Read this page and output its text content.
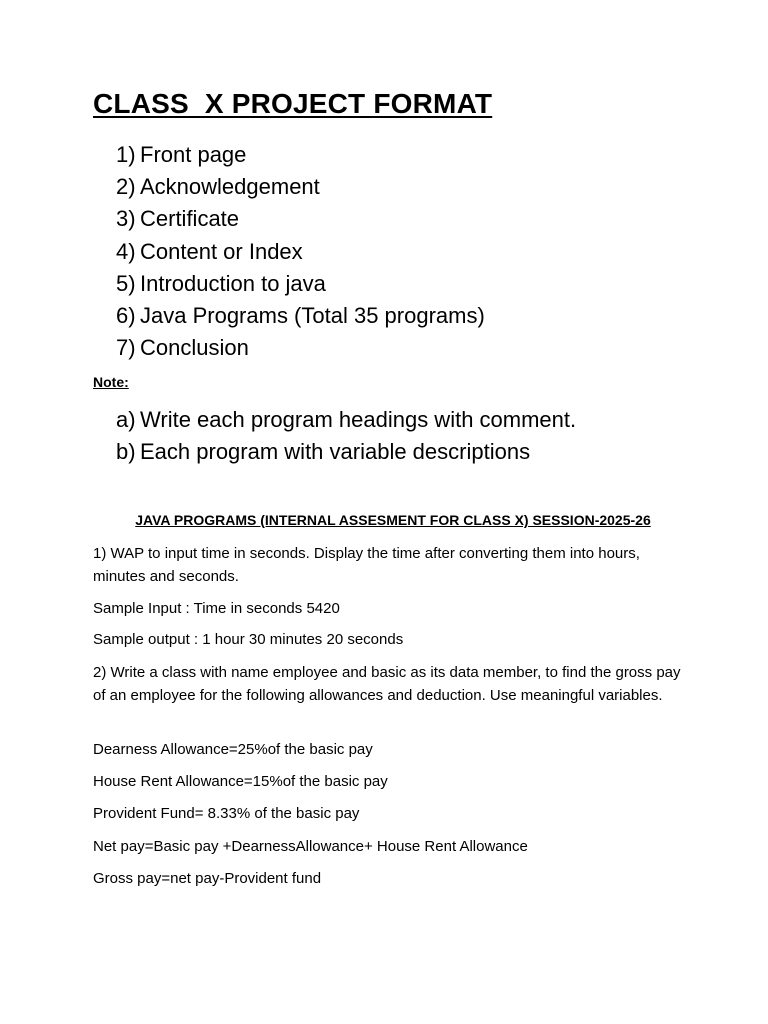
CLASS  X PROJECT FORMAT
1) Front page
2) Acknowledgement
3) Certificate
4) Content or Index
5) Introduction to java
6) Java Programs (Total 35 programs)
7) Conclusion
Note:
a) Write each program headings with comment.
b) Each program with variable descriptions
JAVA PROGRAMS (INTERNAL ASSESMENT FOR CLASS X) SESSION-2025-26

1) WAP to input time in seconds. Display the time after converting them into hours, minutes and seconds.

Sample Input : Time in seconds 5420

Sample output : 1 hour 30 minutes 20 seconds

2) Write a class with name employee and basic as its data member, to find the gross pay of an employee for the following allowances and deduction. Use meaningful variables.

Dearness Allowance=25%of the basic pay

House Rent Allowance=15%of the basic pay

Provident Fund= 8.33% of the basic pay

Net pay=Basic pay +DearnessAllowance+ House Rent Allowance

Gross pay=net pay-Provident fund
